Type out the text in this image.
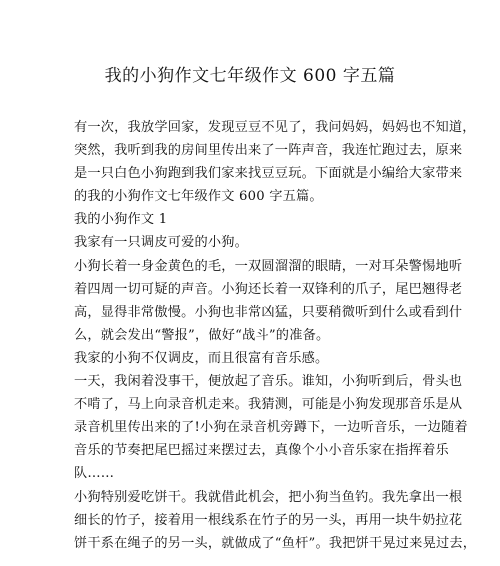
我的小狗作文七年级作文 600 字五篇
有一次，我放学回家，发现豆豆不见了，我问妈妈，妈妈也不知道，
突然，我听到我的房间里传出来了一阵声音，我连忙跑过去，原来
是一只白色小狗跑到我们家来找豆豆玩。下面就是小编给大家带来
的我的小狗作文七年级作文 600 字五篇。
我的小狗作文 1
我家有一只调皮可爱的小狗。
小狗长着一身金黄色的毛，一双圆溜溜的眼睛，一对耳朵警惕地听
着四周一切可疑的声音。小狗还长着一双锋利的爪子，尾巴翘得老
高，显得非常傲慢。小狗也非常凶猛，只要稍微听到什么或看到什
么，就会发出“警报”，做好“战斗”的准备。
我家的小狗不仅调皮，而且很富有音乐感。
一天，我闲着没事干，便放起了音乐。谁知，小狗听到后，骨头也
不啃了，马上向录音机走来。我猜测，可能是小狗发现那音乐是从
录音机里传出来的了!小狗在录音机旁蹲下，一边听音乐，一边随着
音乐的节奏把尾巴摇过来摆过去，真像个小小音乐家在指挥着乐
队……
小狗特别爱吃饼干。我就借此机会，把小狗当鱼钓。我先拿出一根
细长的竹子，接着用一根线系在竹子的另一头，再用一块牛奶拉花
饼干系在绳子的另一头，就做成了“鱼杆”。我把饼干晃过来晃过去，
